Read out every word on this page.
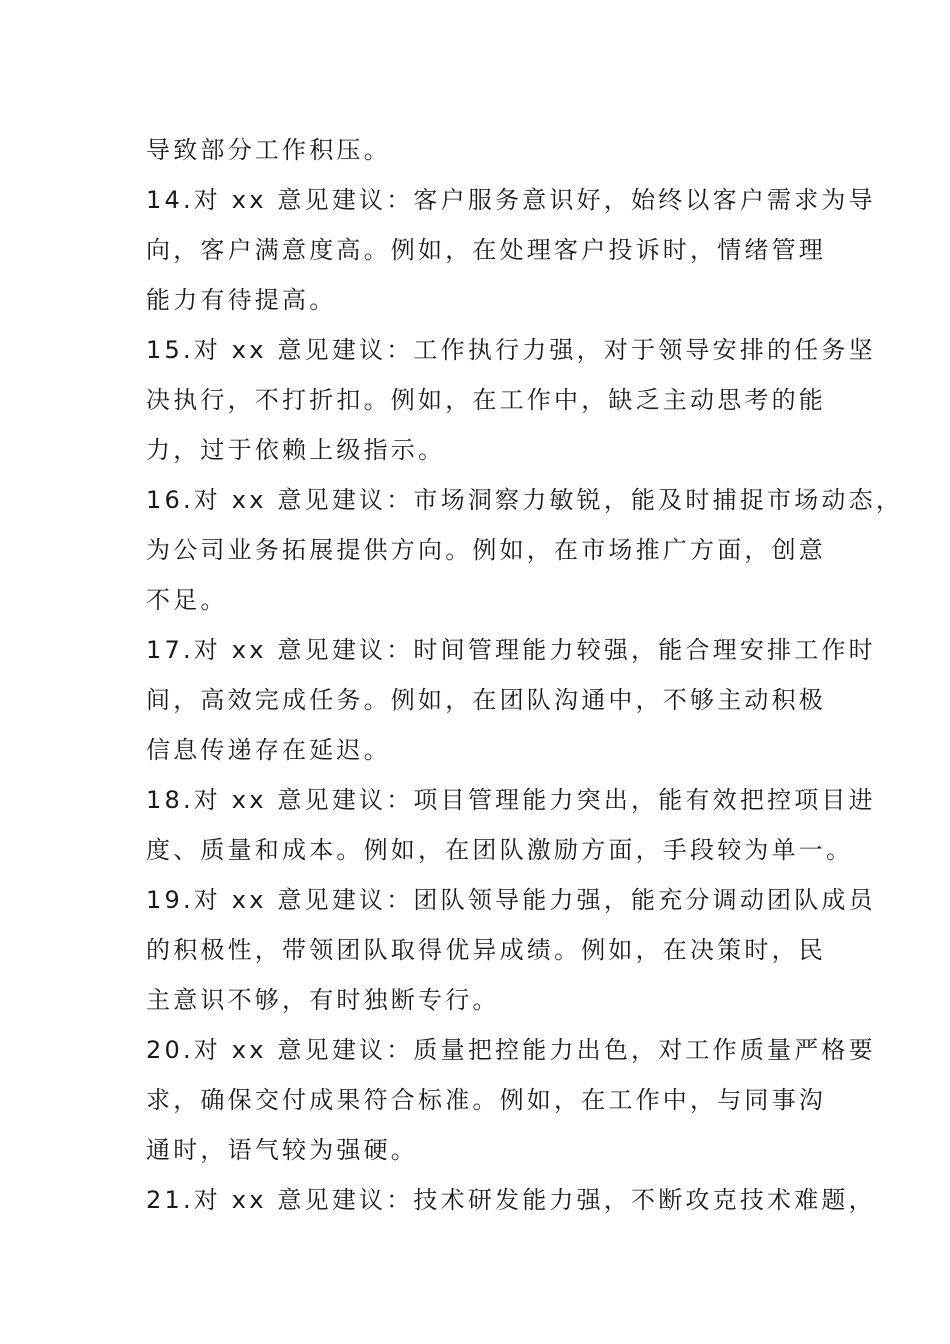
导致部分工作积压。
14.对 xx 意见建议：客户服务意识好，始终以客户需求为导
向，客户满意度高。例如，在处理客户投诉时，情绪管理
能力有待提高。
15.对 xx 意见建议：工作执行力强，对于领导安排的任务坚
决执行，不打折扣。例如，在工作中，缺乏主动思考的能
力，过于依赖上级指示。
16.对 xx 意见建议：市场洞察力敏锐，能及时捕捉市场动态，
为公司业务拓展提供方向。例如，在市场推广方面，创意
不足。
17.对 xx 意见建议：时间管理能力较强，能合理安排工作时
间，高效完成任务。例如，在团队沟通中，不够主动积极
信息传递存在延迟。
18.对 xx 意见建议：项目管理能力突出，能有效把控项目进
度、质量和成本。例如，在团队激励方面，手段较为单一。
19.对 xx 意见建议：团队领导能力强，能充分调动团队成员
的积极性，带领团队取得优异成绩。例如，在决策时，民
主意识不够，有时独断专行。
20.对 xx 意见建议：质量把控能力出色，对工作质量严格要
求，确保交付成果符合标准。例如，在工作中，与同事沟
通时，语气较为强硬。
21.对 xx 意见建议：技术研发能力强，不断攻克技术难题，
